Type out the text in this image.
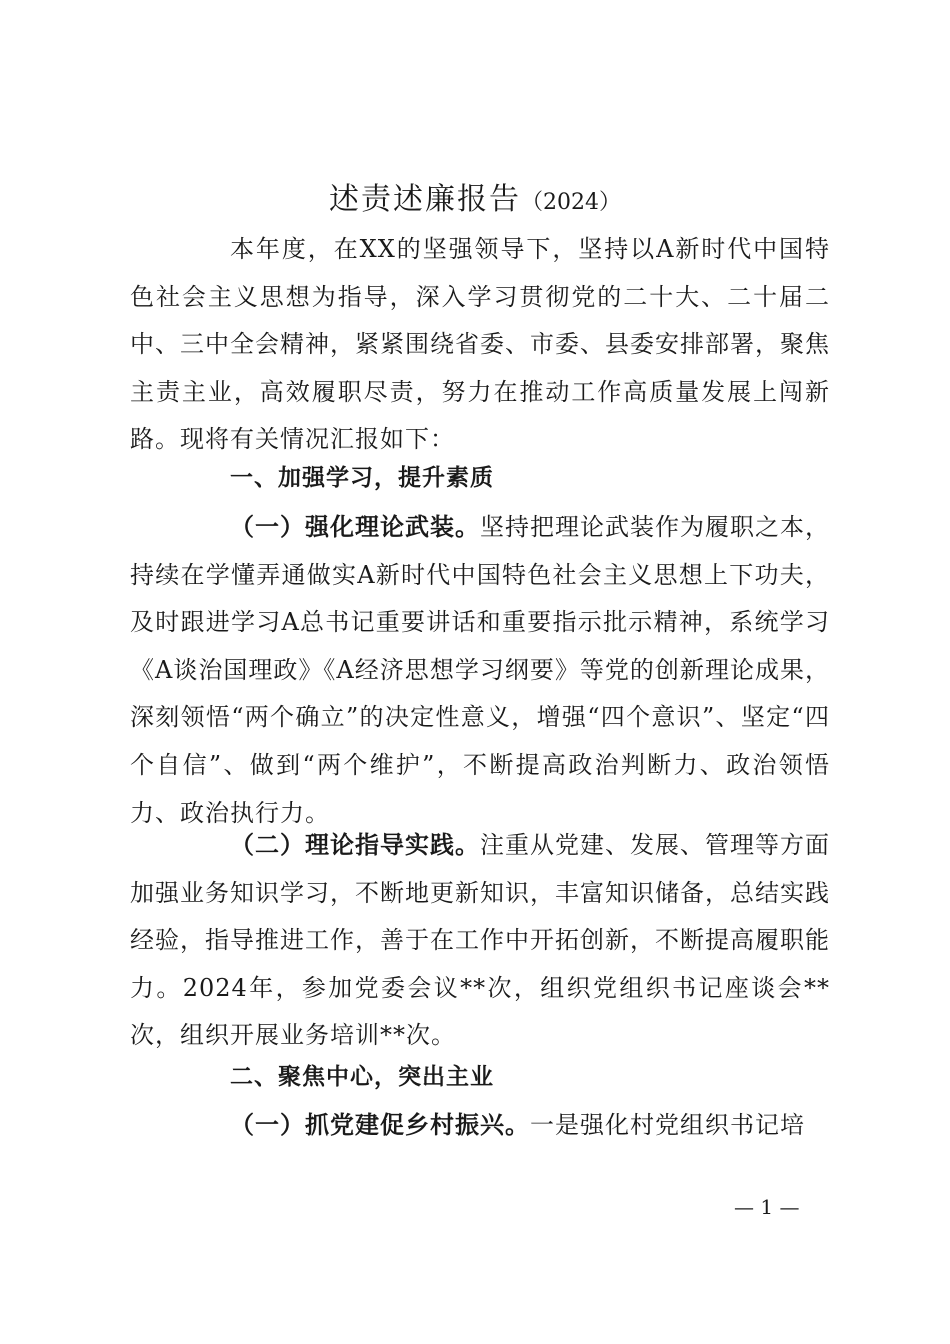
述责述廉报告（2024）

本年度，在XX的坚强领导下，坚持以A新时代中国特色社会主义思想为指导，深入学习贯彻党的二十大、二十届二中、三中全会精神，紧紧围绕省委、市委、县委安排部署，聚焦主责主业，高效履职尽责，努力在推动工作高质量发展上闯新路。现将有关情况汇报如下：

一、加强学习，提升素质

（一）强化理论武装。坚持把理论武装作为履职之本，持续在学懂弄通做实A新时代中国特色社会主义思想上下功夫，及时跟进学习A总书记重要讲话和重要指示批示精神，系统学习《A谈治国理政》《A经济思想学习纲要》等党的创新理论成果，深刻领悟“两个确立”的决定性意义，增强“四个意识”、坚定“四个自信”、做到“两个维护”，不断提高政治判断力、政治领悟力、政治执行力。

（二）理论指导实践。注重从党建、发展、管理等方面加强业务知识学习，不断地更新知识，丰富知识储备，总结实践经验，指导推进工作，善于在工作中开拓创新，不断提高履职能力。2024年，参加党委会议**次，组织党组织书记座谈会**次，组织开展业务培训**次。

二、聚焦中心，突出主业

（一）抓党建促乡村振兴。一是强化村党组织书记培

— 1 —
